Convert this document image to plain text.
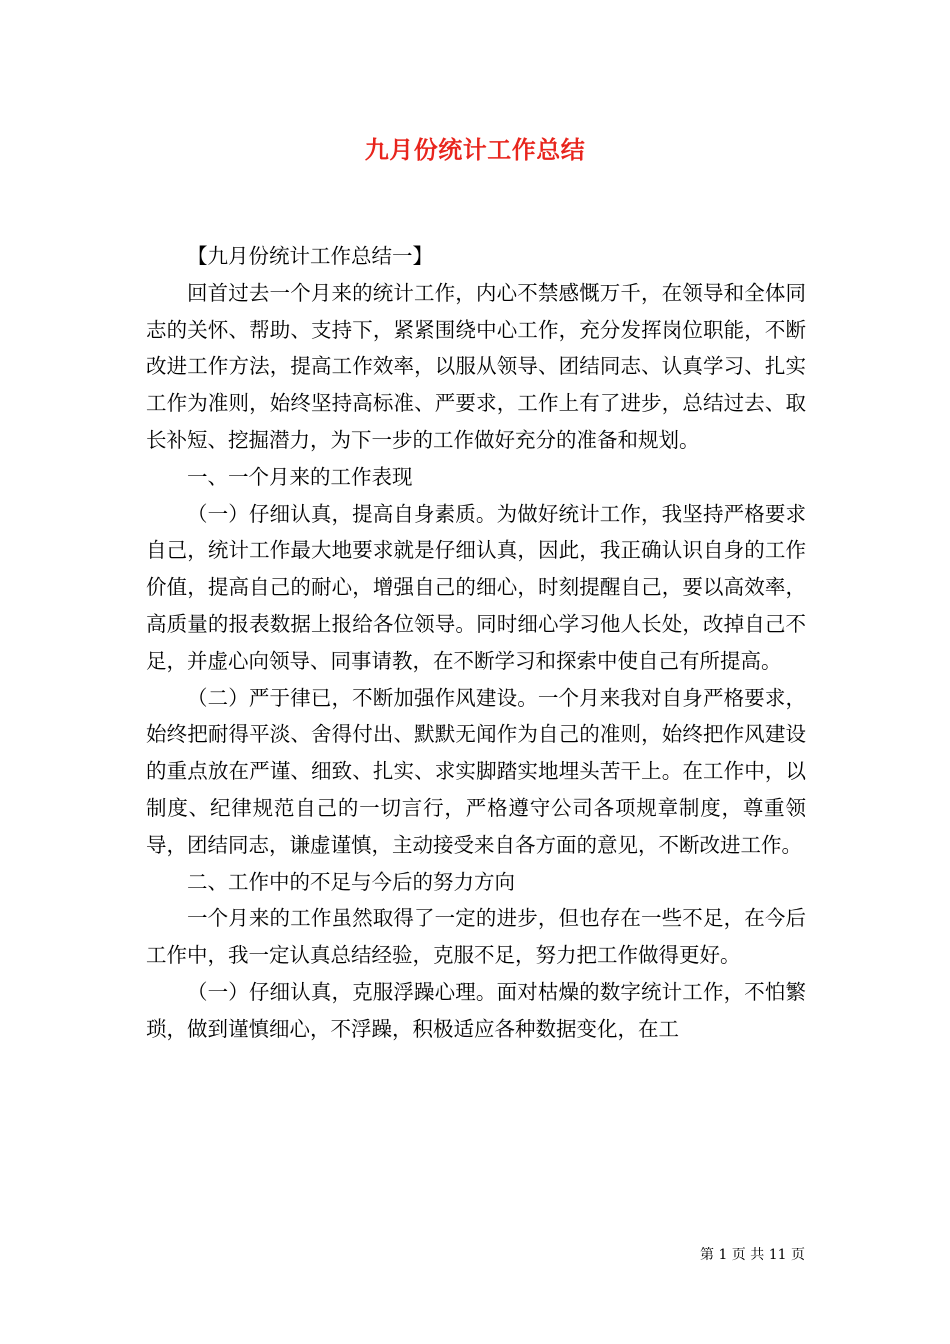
九月份统计工作总结

【九月份统计工作总结一】

回首过去一个月来的统计工作，内心不禁感慨万千，在领导和全体同志的关怀、帮助、支持下，紧紧围绕中心工作，充分发挥岗位职能，不断改进工作方法，提高工作效率，以服从领导、团结同志、认真学习、扎实工作为准则，始终坚持高标准、严要求，工作上有了进步，总结过去、取长补短、挖掘潜力，为下一步的工作做好充分的准备和规划。

一、一个月来的工作表现

（一）仔细认真，提高自身素质。为做好统计工作，我坚持严格要求自己，统计工作最大地要求就是仔细认真，因此，我正确认识自身的工作价值，提高自己的耐心，增强自己的细心，时刻提醒自己，要以高效率，高质量的报表数据上报给各位领导。同时细心学习他人长处，改掉自己不足，并虚心向领导、同事请教，在不断学习和探索中使自己有所提高。

（二）严于律已，不断加强作风建设。一个月来我对自身严格要求，始终把耐得平淡、舍得付出、默默无闻作为自己的准则，始终把作风建设的重点放在严谨、细致、扎实、求实脚踏实地埋头苦干上。在工作中，以制度、纪律规范自己的一切言行，严格遵守公司各项规章制度，尊重领导，团结同志，谦虚谨慎，主动接受来自各方面的意见，不断改进工作。

二、工作中的不足与今后的努力方向

一个月来的工作虽然取得了一定的进步，但也存在一些不足，在今后工作中，我一定认真总结经验，克服不足，努力把工作做得更好。

（一）仔细认真，克服浮躁心理。面对枯燥的数字统计工作，不怕繁琐，做到谨慎细心，不浮躁，积极适应各种数据变化，在工

第 1 页 共 11 页
